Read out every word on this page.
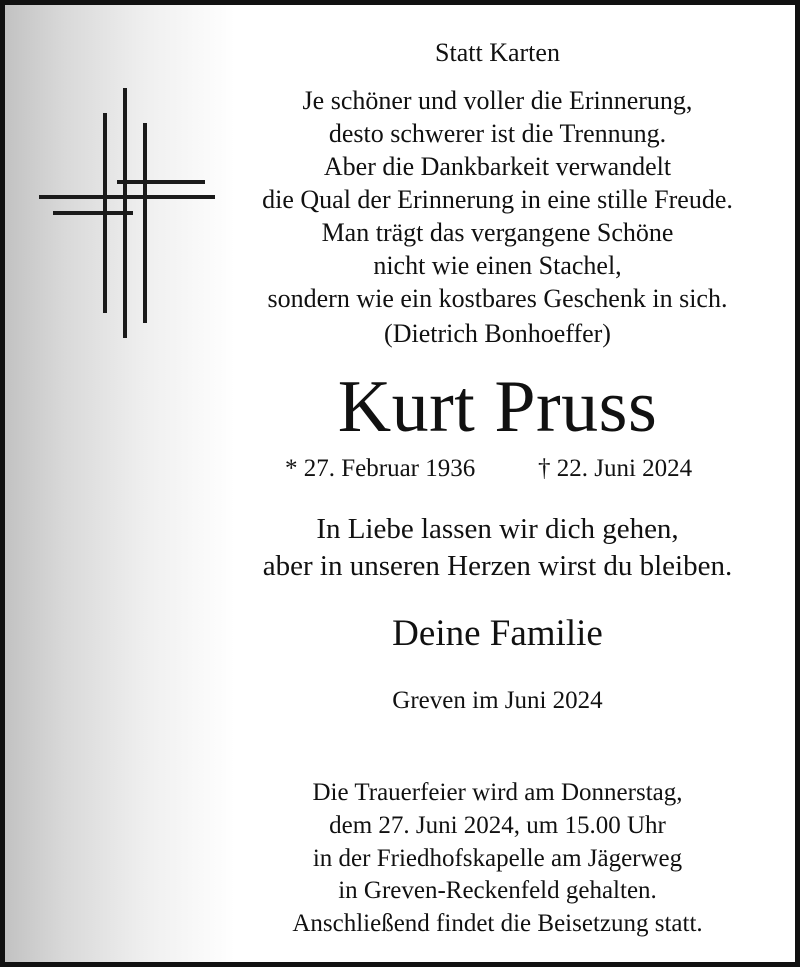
Statt Karten
Je schöner und voller die Erinnerung,
desto schwerer ist die Trennung.
Aber die Dankbarkeit verwandelt
die Qual der Erinnerung in eine stille Freude.
Man trägt das vergangene Schöne
nicht wie einen Stachel,
sondern wie ein kostbares Geschenk in sich.
(Dietrich Bonhoeffer)
Kurt Pruss
* 27. Februar 1936	† 22. Juni 2024
In Liebe lassen wir dich gehen,
aber in unseren Herzen wirst du bleiben.
Deine Familie
Greven im Juni 2024
Die Trauerfeier wird am Donnerstag,
dem 27. Juni 2024, um 15.00 Uhr
in der Friedhofskapelle am Jägerweg
in Greven-Reckenfeld gehalten.
Anschließend findet die Beisetzung statt.
